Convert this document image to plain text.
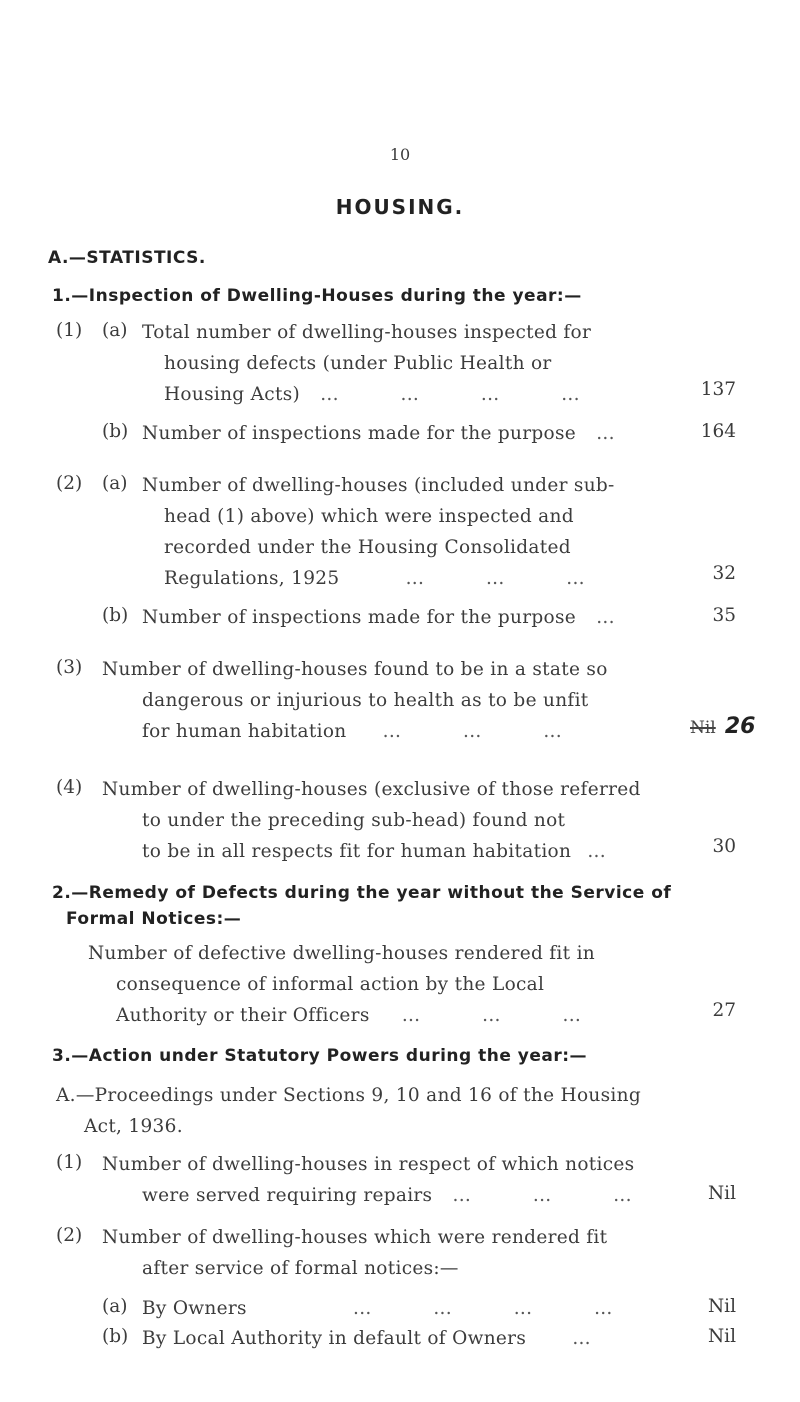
10
HOUSING.
A.—STATISTICS.
1.—Inspection of Dwelling-Houses during the year:—
(1) (a) Total number of dwelling-houses inspected for
housing defects (under Public Health or
Housing Acts) ...          ...          ...          ...	137
(b) Number of inspections made for the purpose ...	164
(2) (a) Number of dwelling-houses (included under sub-
head (1) above) which were inspected and
recorded under the Housing Consolidated
Regulations, 1925	...          ...          ...	32
(b) Number of inspections made for the purpose ...	35
(3) Number of dwelling-houses found to be in a state so
dangerous or injurious to health as to be unfit
for human habitation ...          ...          ...	Nil 26
(4) Number of dwelling-houses (exclusive of those referred
to under the preceding sub-head) found not
to be in all respects fit for human habitation ...	30
2.—Remedy of Defects during the year without the Service of
Formal Notices:—
Number of defective dwelling-houses rendered fit in
consequence of informal action by the Local
Authority or their Officers ...          ...          ...	27
3.—Action under Statutory Powers during the year:—
A.—Proceedings under Sections 9, 10 and 16 of the Housing
Act, 1936.
(1) Number of dwelling-houses in respect of which notices
were served requiring repairs ...          ...          ...	Nil
(2) Number of dwelling-houses which were rendered fit
after service of formal notices:—
(a) By Owners	...          ...          ...          ...	Nil
(b) By Local Authority in default of Owners ...	Nil
